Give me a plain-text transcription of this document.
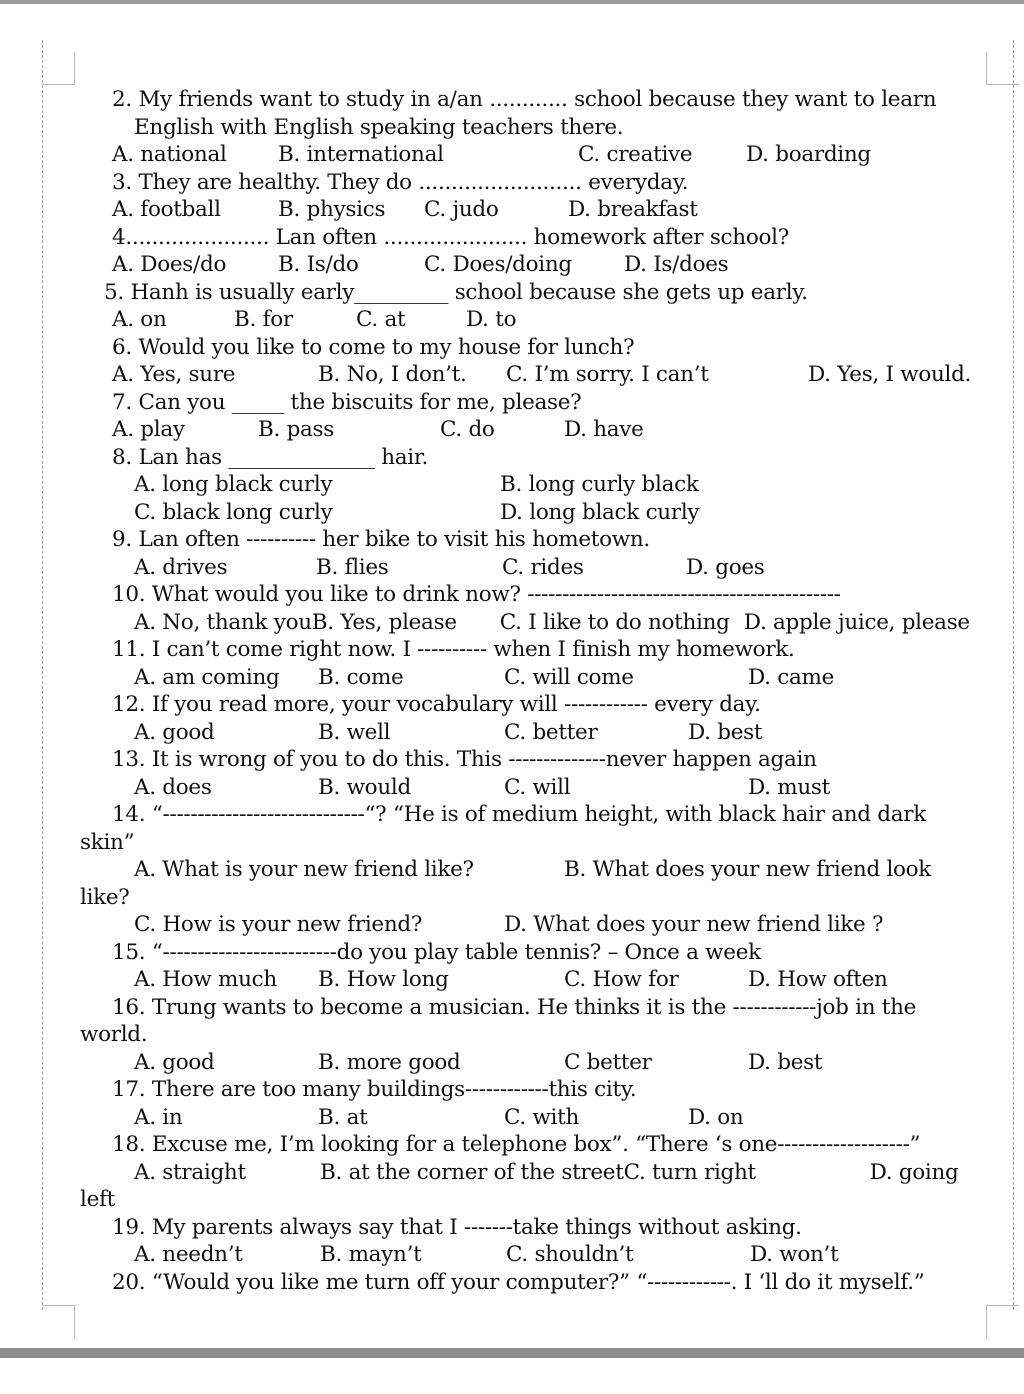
2. My friends want to study in a/an ............ school because they want to learn
English with English speaking teachers there.
A. national	B. international	C. creative	D. boarding
3. They are healthy. They do ......................... everyday.
A. football	B. physics	C. judo	D. breakfast
4...................... Lan often ...................... homework after school?
A. Does/do	B. Is/do	C. Does/doing	D. Is/does
5. Hanh is usually early_________ school because she gets up early.
A. on	B. for	C. at	D. to
6. Would you like to come to my house for lunch?
A. Yes, sure	B. No, I don’t.	C. I’m sorry. I can’t	D. Yes, I would.
7. Can you _____ the biscuits for me, please?
A. play	B. pass	C. do	D. have
8. Lan has ______________ hair.
A. long black curly	B. long curly black
C. black long curly	D. long black curly
9. Lan often ---------- her bike to visit his hometown.
A. drives	B. flies	C. rides	D. goes
10. What would you like to drink now? ---------------------------------------------
A. No, thank you B. Yes, please	C. I like to do nothing D. apple juice, please
11. I can’t come right now. I ---------- when I finish my homework.
A. am coming	B. come	C. will come	D. came
12. If you read more, your vocabulary will ------------ every day.
A. good	B. well	C. better	D. best
13. It is wrong of you to do this. This --------------never happen again
A. does	B. would	C. will	D. must
14. “-----------------------------“? “He is of medium height, with black hair and dark
skin”
A. What is your new friend like?	B. What does your new friend look
like?
C. How is your new friend?	D. What does your new friend like ?
15. “-------------------------do you play table tennis? – Once a week
A. How much	B. How long	C. How for	D. How often
16. Trung wants to become a musician. He thinks it is the ------------job in the
world.
A. good	B. more good	C better	D. best
17. There are too many buildings------------this city.
A. in	B. at	C. with	D. on
18. Excuse me, I’m looking for a telephone box”. “There ‘s one-------------------”
A. straight	B. at the corner of the street C. turn right	D. going
left
19. My parents always say that I -------take things without asking.
A. needn’t	B. mayn’t	C. shouldn’t	D. won’t
20. “Would you like me turn off your computer?” “------------. I ‘ll do it myself.”
